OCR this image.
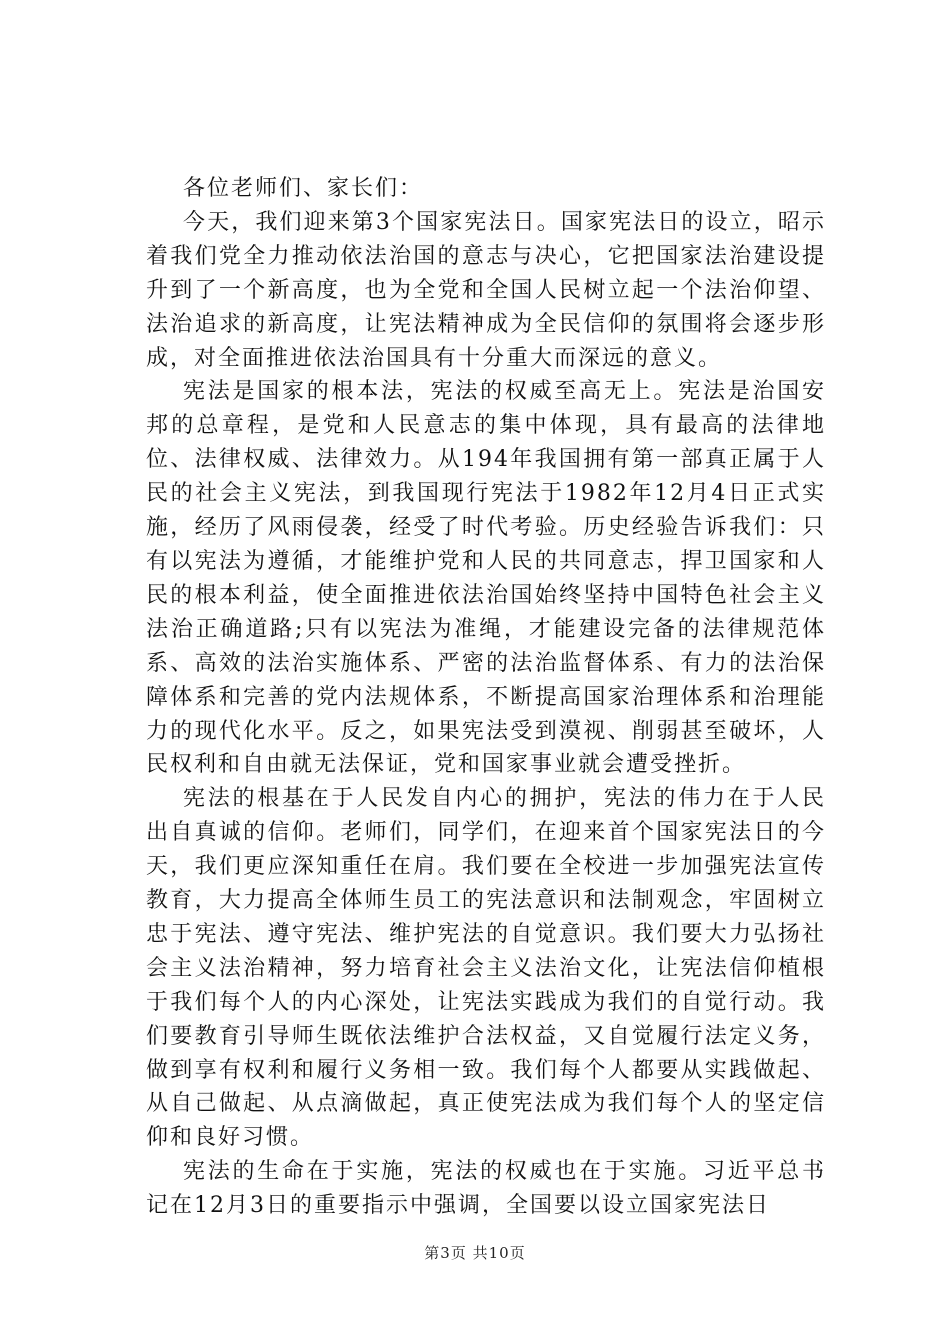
各位老师们、家长们：

今天，我们迎来第3个国家宪法日。国家宪法日的设立，昭示着我们党全力推动依法治国的意志与决心，它把国家法治建设提升到了一个新高度，也为全党和全国人民树立起一个法治仰望、法治追求的新高度，让宪法精神成为全民信仰的氛围将会逐步形成，对全面推进依法治国具有十分重大而深远的意义。

宪法是国家的根本法，宪法的权威至高无上。宪法是治国安邦的总章程，是党和人民意志的集中体现，具有最高的法律地位、法律权威、法律效力。从194年我国拥有第一部真正属于人民的社会主义宪法，到我国现行宪法于1982年12月4日正式实施，经历了风雨侵袭，经受了时代考验。历史经验告诉我们：只有以宪法为遵循，才能维护党和人民的共同意志，捍卫国家和人民的根本利益，使全面推进依法治国始终坚持中国特色社会主义法治正确道路;只有以宪法为准绳，才能建设完备的法律规范体系、高效的法治实施体系、严密的法治监督体系、有力的法治保障体系和完善的党内法规体系，不断提高国家治理体系和治理能力的现代化水平。反之，如果宪法受到漠视、削弱甚至破坏，人民权利和自由就无法保证，党和国家事业就会遭受挫折。

宪法的根基在于人民发自内心的拥护，宪法的伟力在于人民出自真诚的信仰。老师们，同学们，在迎来首个国家宪法日的今天，我们更应深知重任在肩。我们要在全校进一步加强宪法宣传教育，大力提高全体师生员工的宪法意识和法制观念，牢固树立忠于宪法、遵守宪法、维护宪法的自觉意识。我们要大力弘扬社会主义法治精神，努力培育社会主义法治文化，让宪法信仰植根于我们每个人的内心深处，让宪法实践成为我们的自觉行动。我们要教育引导师生既依法维护合法权益，又自觉履行法定义务，做到享有权利和履行义务相一致。我们每个人都要从实践做起、从自己做起、从点滴做起，真正使宪法成为我们每个人的坚定信仰和良好习惯。

宪法的生命在于实施，宪法的权威也在于实施。习近平总书记在12月3日的重要指示中强调，全国要以设立国家宪法日

第3页 共10页
